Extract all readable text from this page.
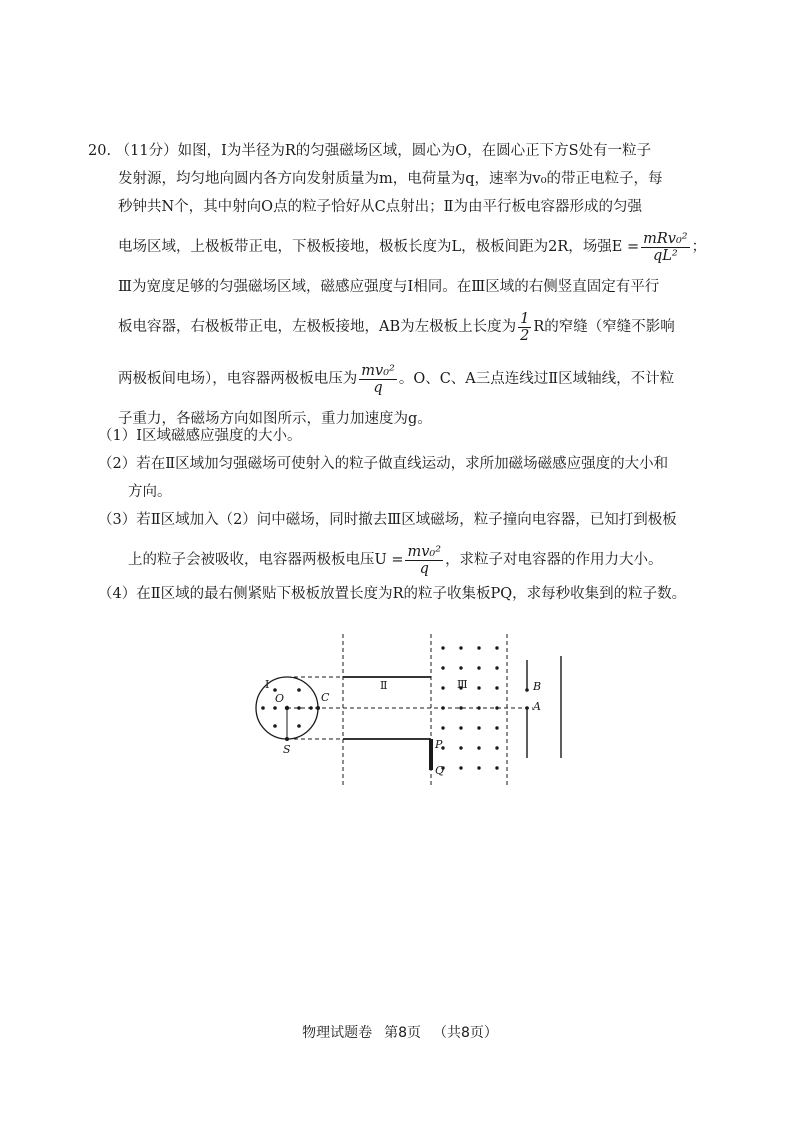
20. （11分）如图，Ⅰ为半径为R的匀强磁场区域，圆心为O，在圆心正下方S处有一粒子
发射源，均匀地向圆内各方向发射质量为m，电荷量为q，速率为v₀的带正电粒子，每
秒钟共N个，其中射向O点的粒子恰好从C点射出；Ⅱ为由平行板电容器形成的匀强
电场区域，上极板带正电，下极板接地，极板长度为L，极板间距为2R，场强$E = \frac{\text{mRv₀²}}{\text{qL²}}$ ；
Ⅲ为宽度足够的匀强磁场区域，磁感应强度与Ⅰ相同。在Ⅲ区域的右侧竖直固定有平行
板电容器，右极板带正电，左极板接地，AB为左极板上长度为 $\frac{1}{2}$ R的窄缝（窄缝不影响
两极板间电场），电容器两极板电压为 $\frac{\text{mv₀²}}{q}$ 。O、C、A三点连线过Ⅱ区域轴线，不计粒
子重力，各磁场方向如图所示，重力加速度为g。
（1）Ⅰ区域磁感应强度的大小。
（2）若在Ⅱ区域加匀强磁场可使射入的粒子做直线运动，求所加磁场磁感应强度的大小和
方向。
（3）若Ⅱ区域加入（2）问中磁场，同时撤去Ⅲ区域磁场，粒子撞向电容器，已知打到极板
上的粒子会被吸收，电容器两极板电压$U = \frac{\text{mv₀²}}{q}$ ，求粒子对电容器的作用力大小。
（4）在Ⅱ区域的最右侧紧贴下极板放置长度为R的粒子收集板PQ，求每秒收集到的粒子数。
Ⅰ
O	C
S
Ⅱ	Ⅲ
P
Q
B
A
物理试题卷 第8页 （共8页）
